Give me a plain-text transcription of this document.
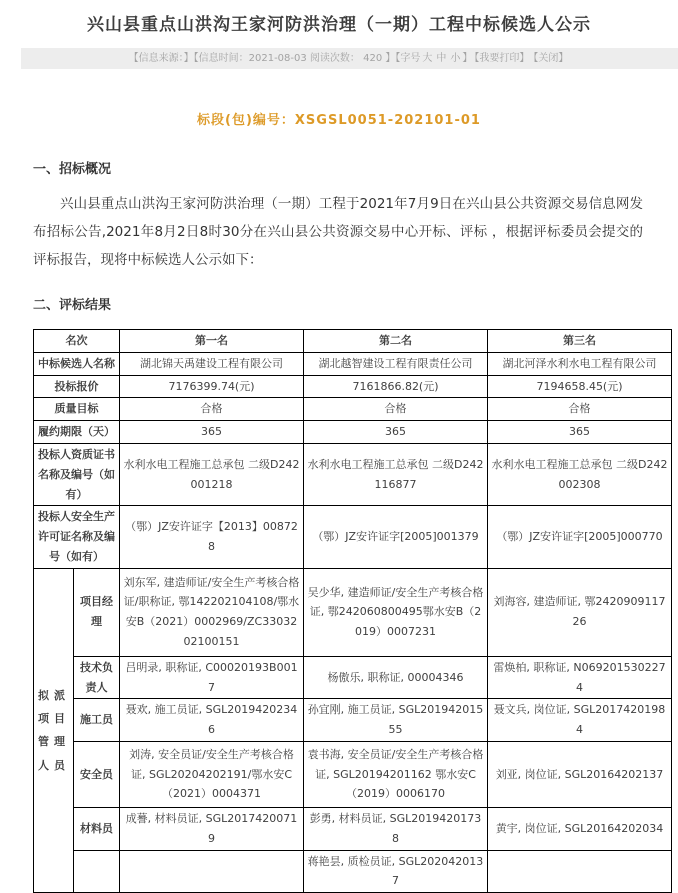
兴山县重点山洪沟王家河防洪治理（一期）工程中标候选人公示
【信息来源：】【信息时间：2021-08-03 阅读次数： 420 】【字号 大 中 小 】 【我要打印】 【关闭】
标段(包)编号：XSGSL0051-202101-01
一、招标概况

兴山县重点山洪沟王家河防洪治理（一期）工程于2021年7月9日在兴山县公共资源交易信息网发布招标公告,2021年8月2日8时30分在兴山县公共资源交易中心开标、评标 ，根据评标委员会提交的评标报告，现将中标候选人公示如下：

二、评标结果
名次		第一名	第二名	第三名
中标候选人名称		湖北锦天禹建设工程有限公司	湖北越智建设工程有限责任公司	湖北河泽水利水电工程有限公司
投标报价		7176399.74(元)	7161866.82(元)	7194658.45(元)
质量目标		合格	合格	合格
履约期限（天）		365	365	365
投标人资质证书名称及编号（如有）		水利水电工程施工总承包 二级D242001218	水利水电工程施工总承包 二级D242116877	水利水电工程施工总承包 二级D242002308
投标人安全生产许可证名称及编号（如有）		（鄂）JZ安许证字【2013】008728	（鄂）JZ安许证字[2005]001379	（鄂）JZ安许证字[2005]000770
拟派项目管理人员	项目经理	刘东军, 建造师证/安全生产考核合格证/职称证, 鄂142202104108/鄂水安B（2021）0002969/ZC3303202100151	吴少华, 建造师证/安全生产考核合格证, 鄂242060800495鄂水安B（2019）0007231	刘海容, 建造师证, 鄂242090911726
	技术负责人	吕明录, 职称证, C00020193B0017	杨傲乐, 职称证, 00004346	雷焕柏, 职称证, N0692015302274
	施工员	聂欢, 施工员证, SGL20194202346	孙宜刚, 施工员证, SGL20194201555	聂文兵, 岗位证, SGL20174201984
	安全员	刘涛, 安全员证/安全生产考核合格证, SGL20204202191/鄂水安C（2021）0004371	袁书海, 安全员证/安全生产考核合格证, SGL20194201162 鄂水安C（2019）0006170	刘亚, 岗位证, SGL20164202137
	材料员	成謩, 材料员证, SGL20174200719	彭勇, 材料员证, SGL20194201738	黄宇, 岗位证, SGL20164202034
			蒋艳昙, 质检员证, SGL2020420137	
